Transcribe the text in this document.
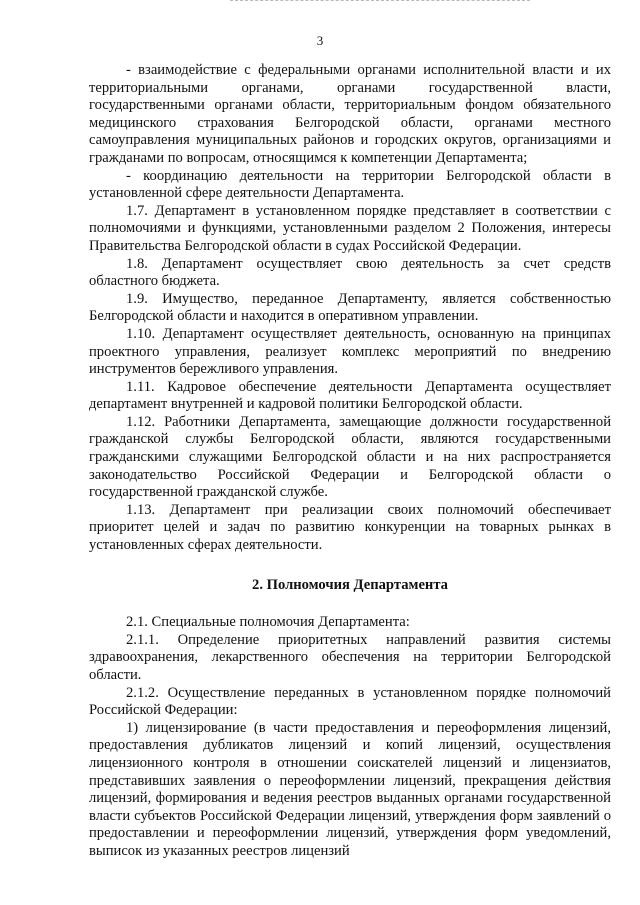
3

- взаимодействие с федеральными органами исполнительной власти и их территориальными органами, органами государственной власти, государственными органами области, территориальным фондом обязательного медицинского страхования Белгородской области, органами местного самоуправления муниципальных районов и городских округов, организациями и гражданами по вопросам, относящимся к компетенции Департамента;

- координацию деятельности на территории Белгородской области в установленной сфере деятельности Департамента.

1.7. Департамент в установленном порядке представляет в соответствии с полномочиями и функциями, установленными разделом 2 Положения, интересы Правительства Белгородской области в судах Российской Федерации.

1.8. Департамент осуществляет свою деятельность за счет средств областного бюджета.

1.9. Имущество, переданное Департаменту, является собственностью Белгородской области и находится в оперативном управлении.

1.10. Департамент осуществляет деятельность, основанную на принципах проектного управления, реализует комплекс мероприятий по внедрению инструментов бережливого управления.

1.11. Кадровое обеспечение деятельности Департамента осуществляет департамент внутренней и кадровой политики Белгородской области.

1.12. Работники Департамента, замещающие должности государственной гражданской службы Белгородской области, являются государственными гражданскими служащими Белгородской области и на них распространяется законодательство Российской Федерации и Белгородской области о государственной гражданской службе.

1.13. Департамент при реализации своих полномочий обеспечивает приоритет целей и задач по развитию конкуренции на товарных рынках в установленных сферах деятельности.

2. Полномочия Департамента

2.1. Специальные полномочия Департамента:

2.1.1. Определение приоритетных направлений развития системы здравоохранения, лекарственного обеспечения на территории Белгородской области.

2.1.2. Осуществление переданных в установленном порядке полномочий Российской Федерации:

1) лицензирование (в части предоставления и переоформления лицензий, предоставления дубликатов лицензий и копий лицензий, осуществления лицензионного контроля в отношении соискателей лицензий и лицензиатов, представивших заявления о переоформлении лицензий, прекращения действия лицензий, формирования и ведения реестров выданных органами государственной власти субъектов Российской Федерации лицензий, утверждения форм заявлений о предоставлении и переоформлении лицензий, утверждения форм уведомлений, выписок из указанных реестров лицензий
